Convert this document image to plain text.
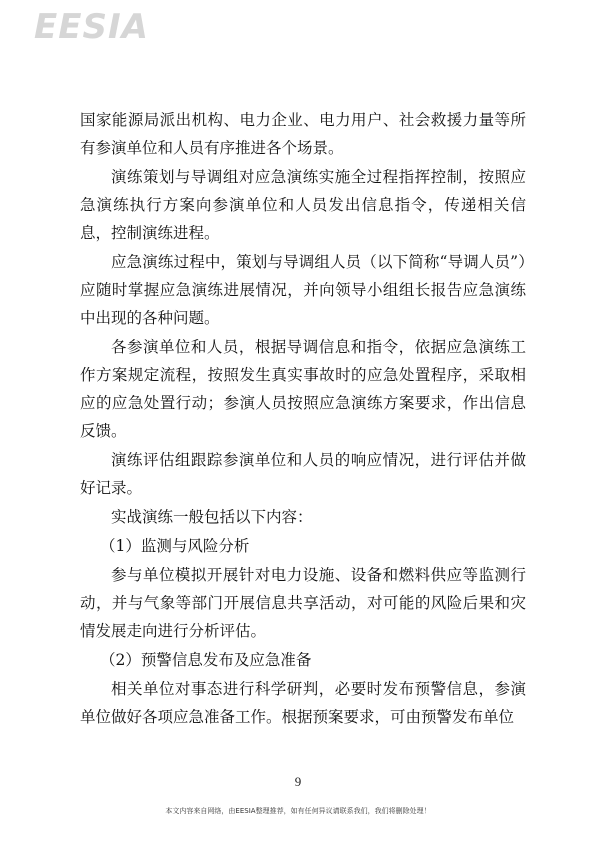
EESIA

国家能源局派出机构、电力企业、电力用户、社会救援力量等所有参演单位和人员有序推进各个场景。

演练策划与导调组对应急演练实施全过程指挥控制，按照应急演练执行方案向参演单位和人员发出信息指令，传递相关信息，控制演练进程。

应急演练过程中，策划与导调组人员（以下简称“导调人员”）应随时掌握应急演练进展情况，并向领导小组组长报告应急演练中出现的各种问题。

各参演单位和人员，根据导调信息和指令，依据应急演练工作方案规定流程，按照发生真实事故时的应急处置程序，采取相应的应急处置行动；参演人员按照应急演练方案要求，作出信息反馈。

演练评估组跟踪参演单位和人员的响应情况，进行评估并做好记录。

实战演练一般包括以下内容：

（1）监测与风险分析

参与单位模拟开展针对电力设施、设备和燃料供应等监测行动，并与气象等部门开展信息共享活动，对可能的风险后果和灾情发展走向进行分析评估。

（2）预警信息发布及应急准备

相关单位对事态进行科学研判，必要时发布预警信息，参演单位做好各项应急准备工作。根据预案要求，可由预警发布单位

9
本文内容来自网络，由EESIA整理推荐，如有任何异议请联系我们，我们将删除处理！
